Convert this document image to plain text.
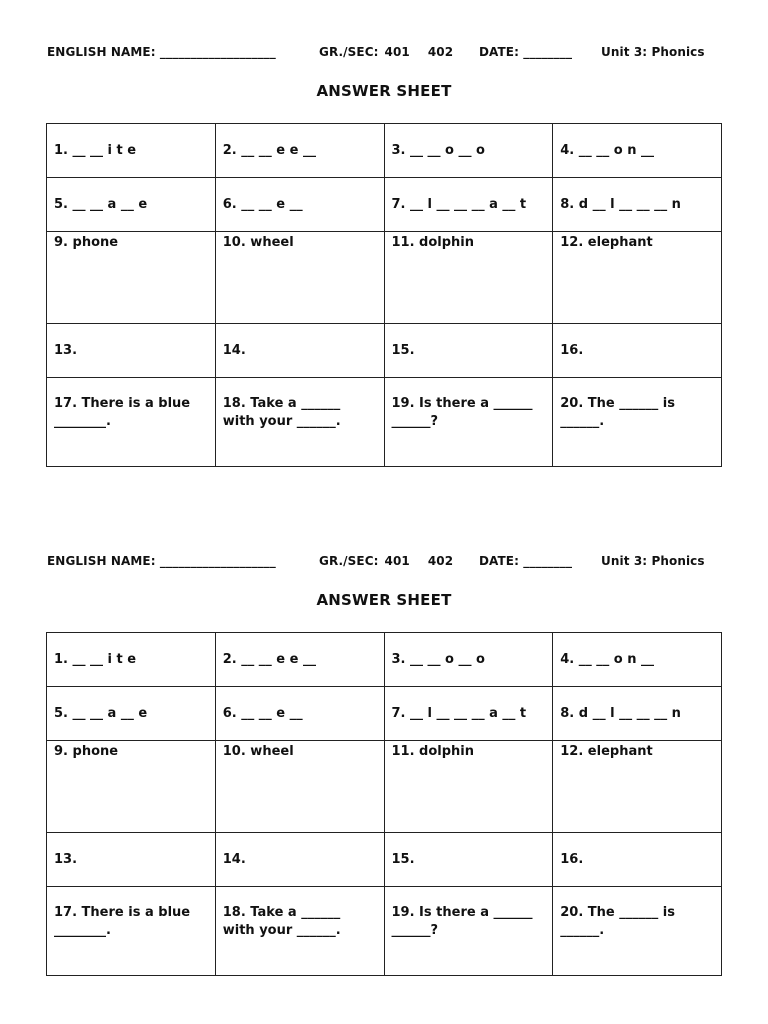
ENGLISH NAME: ___________________	GR./SEC: 401 402 DATE: ________ Unit 3: Phonics
ANSWER SHEET
1. __ __ i t e	2. __ __ e e __	3. __ __ o __ o	4. __ __ o n __
5. __ __ a __ e	6. __ __ e __	7. __ l __ __ __ a __ t	8. d __ l __ __ __ n
9. phone	10. wheel	11. dolphin	12. elephant
13.	14.	15.	16.
17. There is a blue ________.	18. Take a ______ with your ______.	19. Is there a ______ ______?	20. The ______ is ______.
ENGLISH NAME: ___________________	GR./SEC: 401 402 DATE: ________ Unit 3: Phonics
ANSWER SHEET
1. __ __ i t e	2. __ __ e e __	3. __ __ o __ o	4. __ __ o n __
5. __ __ a __ e	6. __ __ e __	7. __ l __ __ __ a __ t	8. d __ l __ __ __ n
9. phone	10. wheel	11. dolphin	12. elephant
13.	14.	15.	16.
17. There is a blue ________.	18. Take a ______ with your ______.	19. Is there a ______ ______?	20. The ______ is ______.
